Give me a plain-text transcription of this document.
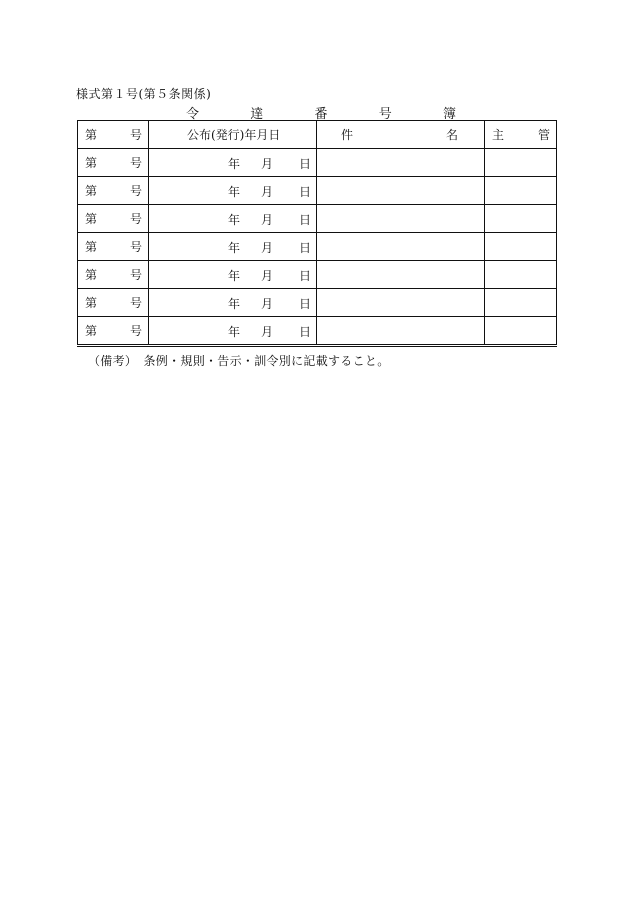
様式第１号(第５条関係)
令	達	番	号	簿
第 号	公布(発行)年月日	件 名	主 管

第 号	年 月 日		

第 号	年 月 日		

第 号	年 月 日		

第 号	年 月 日		

第 号	年 月 日		

第 号	年 月 日		

第 号	年 月 日		

（備考）　条例・規則・告示・訓令別に記載すること。
